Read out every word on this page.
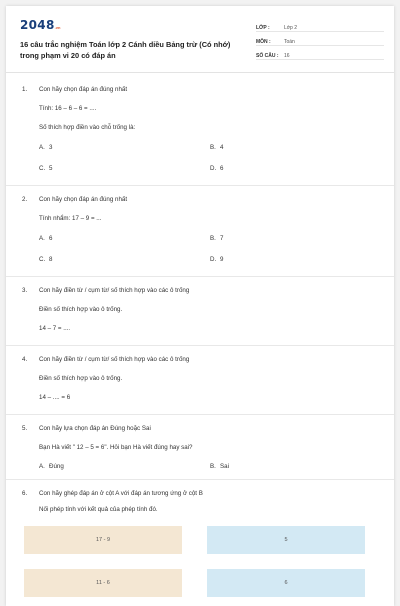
2048.vn
16 câu trắc nghiệm Toán lớp 2 Cánh diều Bảng trừ (Có nhớ) trong phạm vi 20 có đáp án
LỚP :	Lớp 2
MÔN :	Toán
SỐ CÂU :	16
1.	Con hãy chọn đáp án đúng nhất
Tính: 16 – 6 – 6 = ....
Số thích hợp điền vào chỗ trống là:
A. 3	B. 4
C. 5	D. 6
2.	Con hãy chọn đáp án đúng nhất
Tính nhẩm: 17 – 9 = ...
A. 6	B. 7
C. 8	D. 9
3.	Con hãy điền từ / cụm từ/ số thích hợp vào các ô trống
Điền số thích hợp vào ô trống.
14 – 7 = ....
4.	Con hãy điền từ / cụm từ/ số thích hợp vào các ô trống
Điền số thích hợp vào ô trống.
14 – .... = 6
5.	Con hãy lựa chọn đáp án Đúng hoặc Sai
Bạn Hà viết " 12 – 5 = 6". Hỏi bạn Hà viết đúng hay sai?
A. Đúng	B. Sai
6.	Con hãy ghép đáp án ở cột A với đáp án tương ứng ở cột B
Nối phép tính với kết quả của phép tính đó.
17 - 9	5
11 - 6	6
